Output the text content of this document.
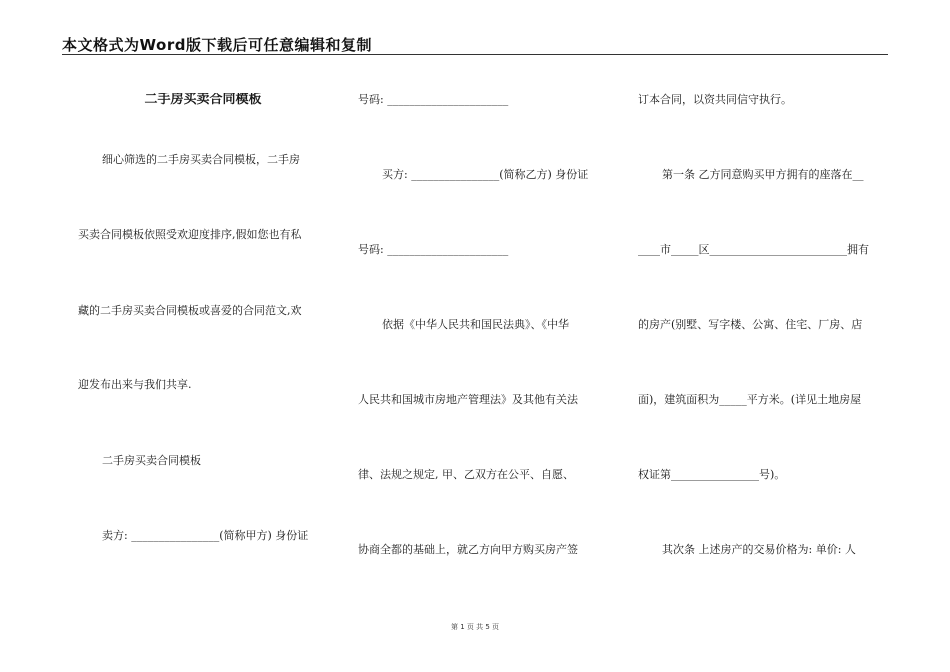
本文格式为Word版下载后可任意编辑和复制
二手房买卖合同模板
细心筛选的二手房买卖合同模板，二手房
买卖合同模板依照受欢迎度排序,假如您也有私
藏的二手房买卖合同模板或喜爱的合同范文,欢
迎发布出来与我们共享.
二手房买卖合同模板
卖方: ________________(简称甲方) 身份证
号码: ______________________
买方: ________________(简称乙方) 身份证
号码: ______________________
依据《中华人民共和国民法典》、《中华
人民共和国城市房地产管理法》及其他有关法
律、法规之规定, 甲、乙双方在公平、自愿、
协商全都的基础上，就乙方向甲方购买房产签
订本合同，以资共同信守执行。
第一条 乙方同意购买甲方拥有的座落在__
____市_____区_________________________拥有
的房产(别墅、写字楼、公寓、住宅、厂房、店
面)，建筑面积为_____平方米。(详见土地房屋
权证第________________号)。
其次条 上述房产的交易价格为: 单价: 人
第 1 页 共 5 页
